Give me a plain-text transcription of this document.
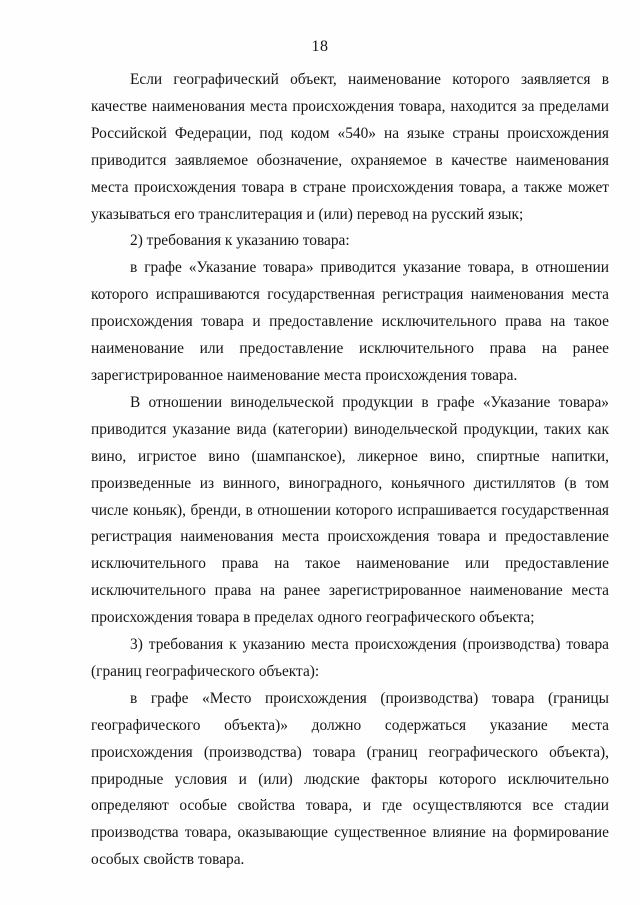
18

Если географический объект, наименование которого заявляется в качестве наименования места происхождения товара, находится за пределами Российской Федерации, под кодом «540» на языке страны происхождения приводится заявляемое обозначение, охраняемое в качестве наименования места происхождения товара в стране происхождения товара, а также может указываться его транслитерация и (или) перевод на русский язык;

2) требования к указанию товара:

в графе «Указание товара» приводится указание товара, в отношении которого испрашиваются государственная регистрация наименования места происхождения товара и предоставление исключительного права на такое наименование или предоставление исключительного права на ранее зарегистрированное наименование места происхождения товара.

В отношении винодельческой продукции в графе «Указание товара» приводится указание вида (категории) винодельческой продукции, таких как вино, игристое вино (шампанское), ликерное вино, спиртные напитки, произведенные из винного, виноградного, коньячного дистиллятов (в том числе коньяк), бренди, в отношении которого испрашивается государственная регистрация наименования места происхождения товара и предоставление исключительного права на такое наименование или предоставление исключительного права на ранее зарегистрированное наименование места происхождения товара в пределах одного географического объекта;

3) требования к указанию места происхождения (производства) товара (границ географического объекта):

в графе «Место происхождения (производства) товара (границы географического объекта)» должно содержаться указание места происхождения (производства) товара (границ географического объекта), природные условия и (или) людские факторы которого исключительно определяют особые свойства товара, и где осуществляются все стадии производства товара, оказывающие существенное влияние на формирование особых свойств товара.
